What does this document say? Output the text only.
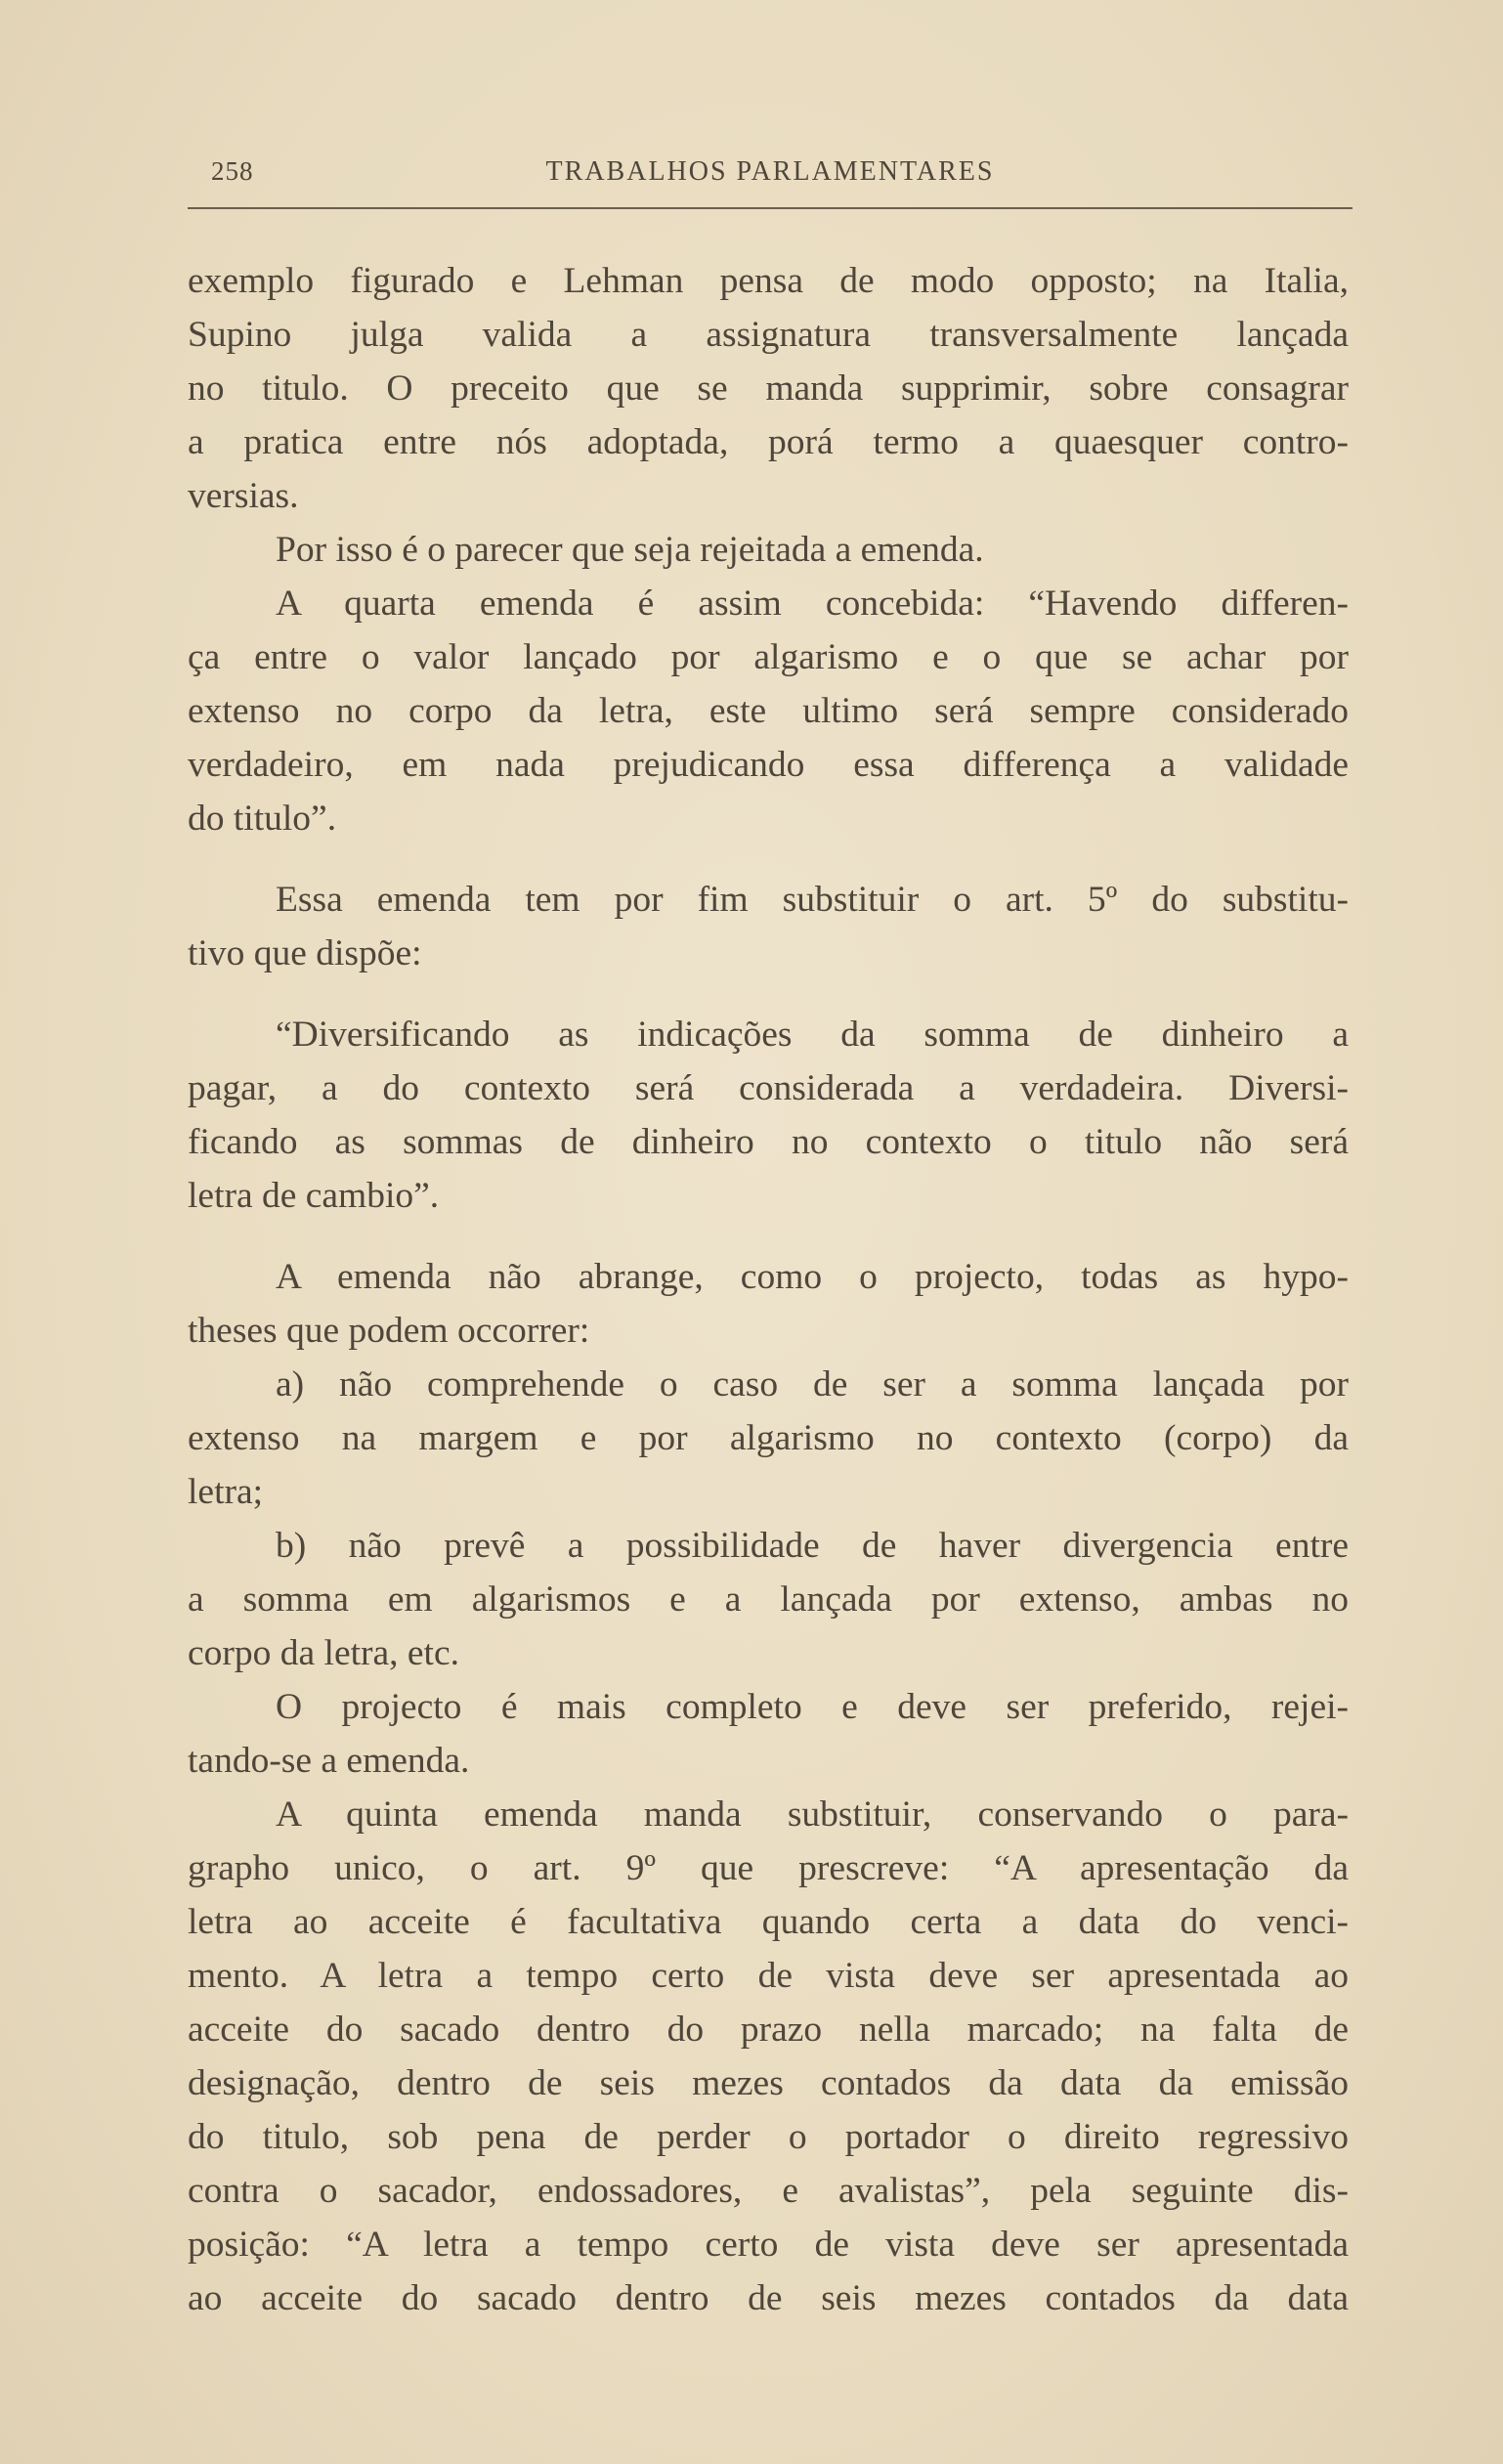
258	TRABALHOS PARLAMENTARES

exemplo figurado e Lehman pensa de modo opposto; na Italia,

Supino julga valida a assignatura transversalmente lançada

no titulo. O preceito que se manda supprimir, sobre consagrar

a pratica entre nós adoptada, porá termo a quaesquer contro-

versias.

Por isso é o parecer que seja rejeitada a emenda.

A quarta emenda é assim concebida: “Havendo differen-

ça entre o valor lançado por algarismo e o que se achar por

extenso no corpo da letra, este ultimo será sempre considerado

verdadeiro, em nada prejudicando essa differença a validade

do titulo”.

Essa emenda tem por fim substituir o art. 5º do substitu-

tivo que dispõe:

“Diversificando as indicações da somma de dinheiro a

pagar, a do contexto será considerada a verdadeira. Diversi-

ficando as sommas de dinheiro no contexto o titulo não será

letra de cambio”.

A emenda não abrange, como o projecto, todas as hypo-

theses que podem occorrer:

a) não comprehende o caso de ser a somma lançada por

extenso na margem e por algarismo no contexto (corpo) da

letra;

b) não prevê a possibilidade de haver divergencia entre

a somma em algarismos e a lançada por extenso, ambas no

corpo da letra, etc.

O projecto é mais completo e deve ser preferido, rejei-

tando-se a emenda.

A quinta emenda manda substituir, conservando o para-

grapho unico, o art. 9º que prescreve: “A apresentação da

letra ao acceite é facultativa quando certa a data do venci-

mento. A letra a tempo certo de vista deve ser apresentada ao

acceite do sacado dentro do prazo nella marcado; na falta de

designação, dentro de seis mezes contados da data da emissão

do titulo, sob pena de perder o portador o direito regressivo

contra o sacador, endossadores, e avalistas”, pela seguinte dis-

posição: “A letra a tempo certo de vista deve ser apresentada

ao acceite do sacado dentro de seis mezes contados da data
